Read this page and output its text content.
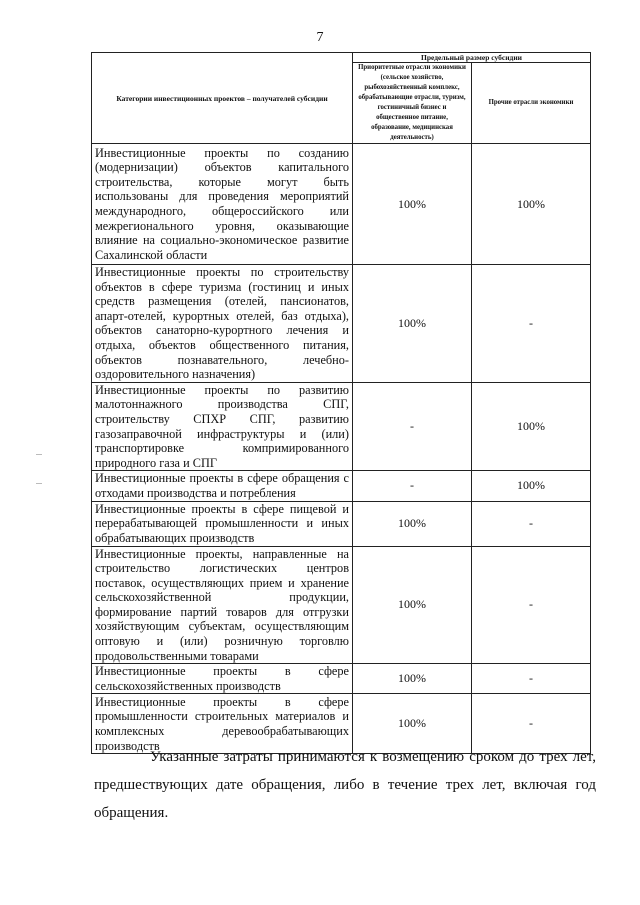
7
Категории инвестиционных проектов – получателей субсидии	Предельный размер субсидии	
	Приоритетные отрасли экономики (сельское хозяйство, рыбохозяйственный комплекс, обрабатывающие отрасли, туризм, гостиничный бизнес и общественное питание, образование, медицинская деятельность)	Прочие отрасли экономики
Инвестиционные проекты по созданию (модернизации) объектов капитального строительства, которые могут быть использованы для проведения мероприятий международного, общероссийского или межрегионального уровня, оказывающие влияние на социально-экономическое развитие Сахалинской области	100%	100%
Инвестиционные проекты по строительству объектов в сфере туризма (гостиниц и иных средств размещения (отелей, пансионатов, апарт-отелей, курортных отелей, баз отдыха), объектов санаторно-курортного лечения и отдыха, объектов общественного питания, объектов познавательного, лечебно-оздоровительного назначения)	100%	-
Инвестиционные проекты по развитию малотоннажного производства СПГ, строительству СПХР СПГ, развитию газозаправочной инфраструктуры и (или) транспортировке компримированного природного газа и СПГ	-	100%
Инвестиционные проекты в сфере обращения с отходами производства и потребления	-	100%
Инвестиционные проекты в сфере пищевой и перерабатывающей промышленности и иных обрабатывающих производств	100%	-
Инвестиционные проекты, направленные на строительство логистических центров поставок, осуществляющих прием и хранение сельскохозяйственной продукции, формирование партий товаров для отгрузки хозяйствующим субъектам, осуществляющим оптовую и (или) розничную торговлю продовольственными товарами	100%	-
Инвестиционные проекты в сфере сельскохозяйственных производств	100%	-
Инвестиционные проекты в сфере промышленности строительных материалов и комплексных деревообрабатывающих производств	100%	-

Указанные затраты принимаются к возмещению сроком до трех лет, предшествующих дате обращения, либо в течение трех лет, включая год обращения.
